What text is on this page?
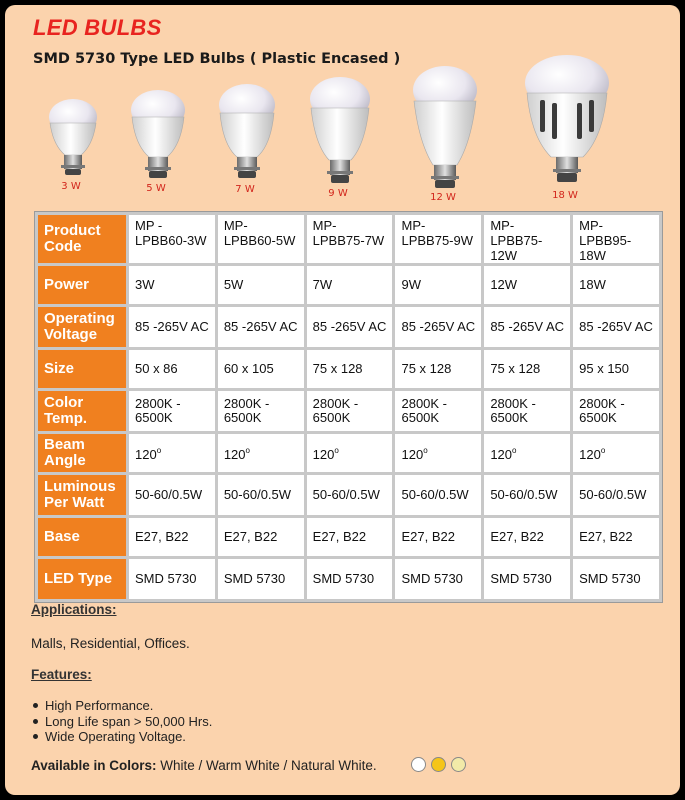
LED BULBS
SMD 5730 Type LED Bulbs ( Plastic Encased )
3 W	5 W	7 W	9 W	12 W	18 W
Product Code	MP - LPBB60-3W	MP- LPBB60-5W	MP- LPBB75-7W	MP- LPBB75-9W	MP- LPBB75-12W	MP- LPBB95-18W
Power	3W	5W	7W	9W	12W	18W
Operating Voltage	85 -265V AC	85 -265V AC	85 -265V AC	85 -265V AC	85 -265V AC	85 -265V AC
Size	50 x 86	60 x 105	75 x 128	75 x 128	75 x 128	95 x 150
Color Temp.	2800K - 6500K	2800K - 6500K	2800K - 6500K	2800K - 6500K	2800K - 6500K	2800K - 6500K
Beam Angle	120$^o$	120$^o$	120$^o$	120$^o$	120$^o$	120$^o$
Luminous Per Watt	50-60/0.5W	50-60/0.5W	50-60/0.5W	50-60/0.5W	50-60/0.5W	50-60/0.5W
Base	E27, B22	E27, B22	E27, B22	E27, B22	E27, B22	E27, B22
LED Type	SMD 5730	SMD 5730	SMD 5730	SMD 5730	SMD 5730	SMD 5730
Applications:
Malls, Residential, Offices.
Features:
High Performance.
Long Life span > 50,000 Hrs.
Wide Operating Voltage.
Available in Colors: White / Warm White / Natural White.
